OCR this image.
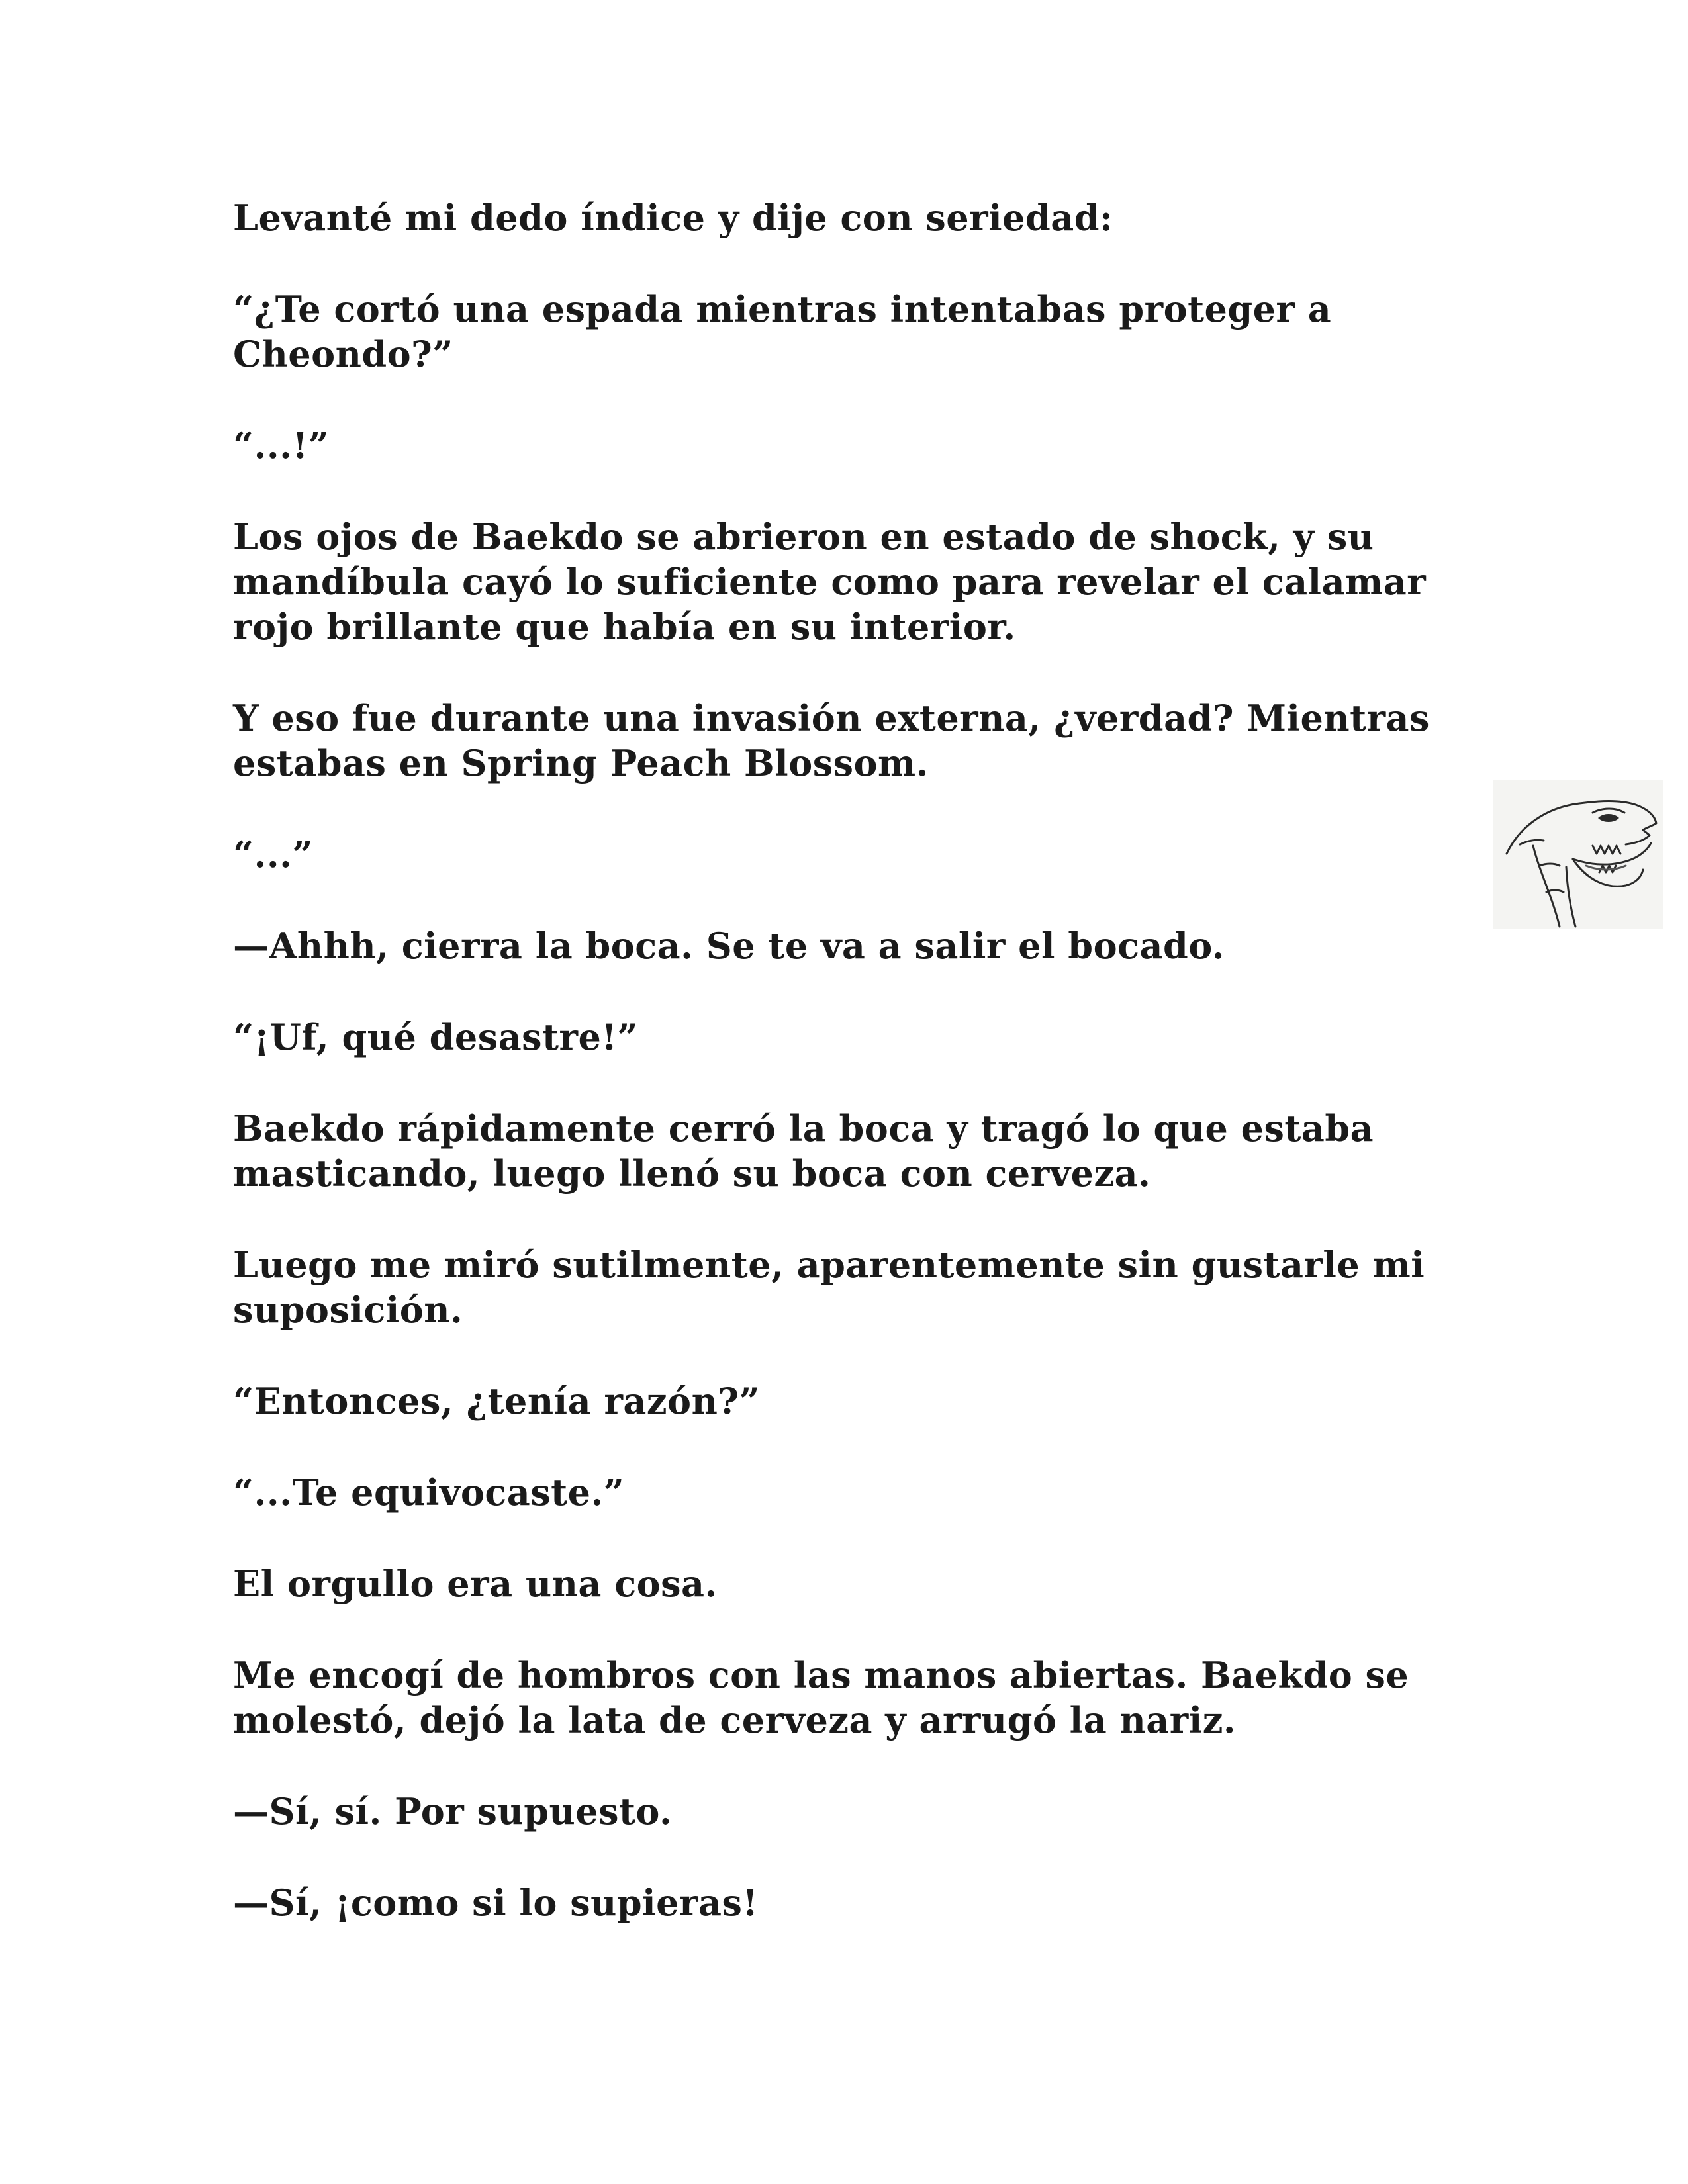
Levanté mi dedo índice y dije con seriedad:

“¿Te cortó una espada mientras intentabas proteger a
Cheondo?”

“...!”

Los ojos de Baekdo se abrieron en estado de shock, y su
mandíbula cayó lo suficiente como para revelar el calamar
rojo brillante que había en su interior.

Y eso fue durante una invasión externa, ¿verdad? Mientras
estabas en Spring Peach Blossom.

“...”

—Ahhh, cierra la boca. Se te va a salir el bocado.

“¡Uf, qué desastre!”

Baekdo rápidamente cerró la boca y tragó lo que estaba
masticando, luego llenó su boca con cerveza.

Luego me miró sutilmente, aparentemente sin gustarle mi
suposición.

“Entonces, ¿tenía razón?”

“...Te equivocaste.”

El orgullo era una cosa.

Me encogí de hombros con las manos abiertas. Baekdo se
molestó, dejó la lata de cerveza y arrugó la nariz.

—Sí, sí. Por supuesto.

—Sí, ¡como si lo supieras!
